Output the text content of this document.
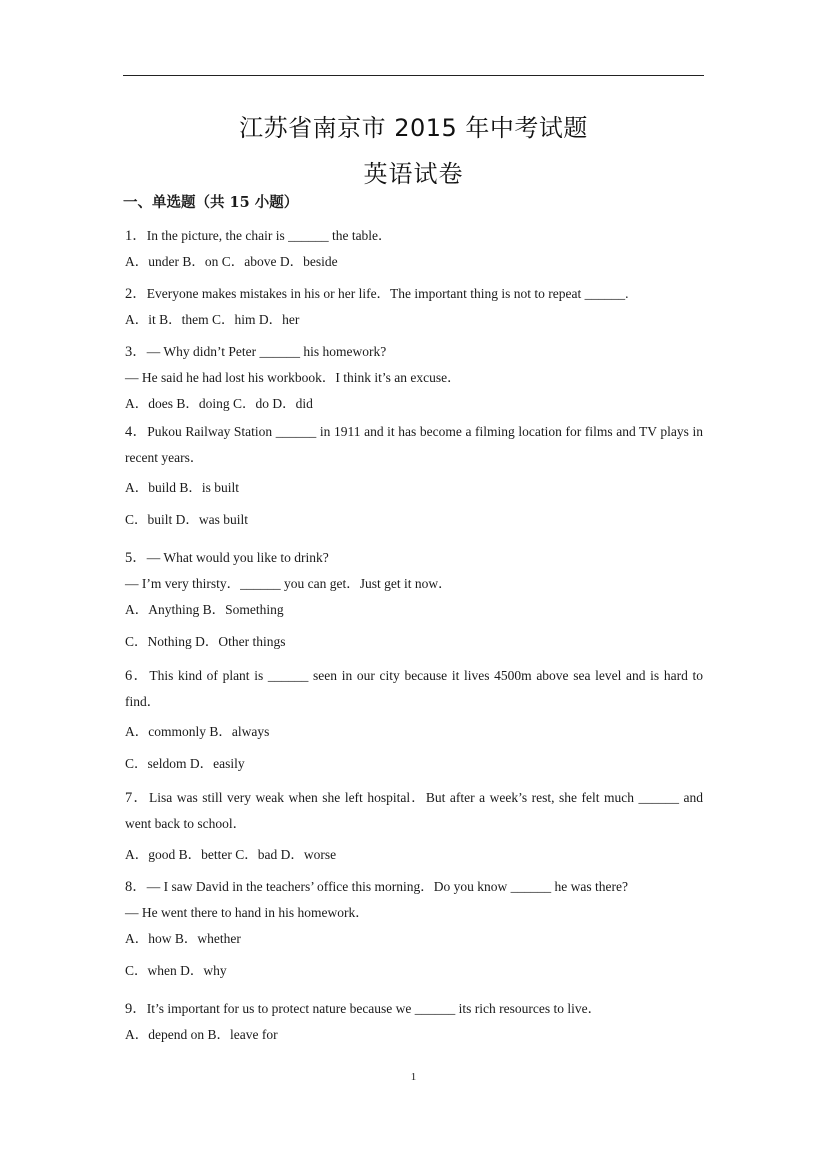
江苏省南京市 2015 年中考试题
英语试卷
一、单选题（共 15 小题）
1．In the picture, the chair is ______ the table．
A．under B．on C．above D．beside
2．Everyone makes mistakes in his or her life．The important thing is not to repeat ______.
A．it B．them C．him D．her
3．— Why didn’t Peter ______ his homework?
— He said he had lost his workbook．I think it’s an excuse．
A．does B．doing C．do D．did
4．Pukou Railway Station ______ in 1911 and it has become a filming location for films and TV plays in recent years．
A．build B．is built
C．built D．was built
5．— What would you like to drink?
— I’m very thirsty．______ you can get．Just get it now．
A．Anything B．Something
C．Nothing D．Other things
6．This kind of plant is ______ seen in our city because it lives 4500m above sea level and is hard to find．
A．commonly B．always
C．seldom D．easily
7．Lisa was still very weak when she left hospital．But after a week’s rest, she felt much ______ and went back to school．
A．good B．better C．bad D．worse
8．— I saw David in the teachers’ office this morning．Do you know ______ he was there?
— He went there to hand in his homework．
A．how B．whether
C．when D．why
9．It’s important for us to protect nature because we ______ its rich resources to live．
A．depend on B．leave for
1
